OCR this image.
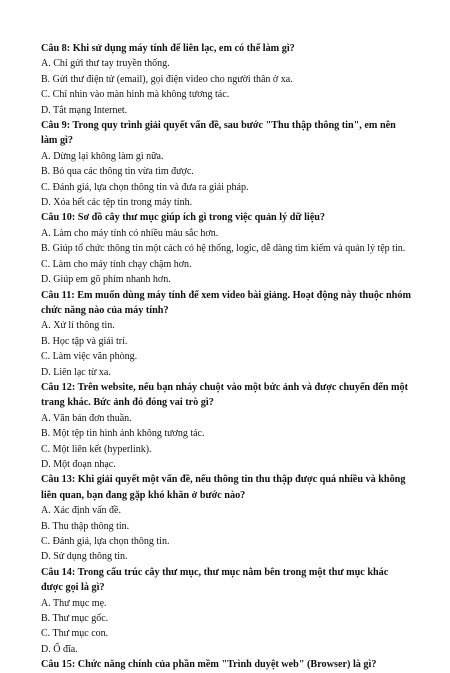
Câu 8: Khi sử dụng máy tính để liên lạc, em có thể làm gì?

A. Chỉ gửi thư tay truyền thống.

B. Gửi thư điện tử (email), gọi điện video cho người thân ở xa.

C. Chỉ nhìn vào màn hình mà không tương tác.

D. Tắt mạng Internet.

Câu 9: Trong quy trình giải quyết vấn đề, sau bước "Thu thập thông tin", em nên làm gì?

A. Dừng lại không làm gì nữa.

B. Bỏ qua các thông tin vừa tìm được.

C. Đánh giá, lựa chọn thông tin và đưa ra giải pháp.

D. Xóa hết các tệp tin trong máy tính.

Câu 10: Sơ đồ cây thư mục giúp ích gì trong việc quản lý dữ liệu?

A. Làm cho máy tính có nhiều màu sắc hơn.

B. Giúp tổ chức thông tin một cách có hệ thống, logic, dễ dàng tìm kiếm và quản lý tệp tin.

C. Làm cho máy tính chạy chậm hơn.

D. Giúp em gõ phím nhanh hơn.

Câu 11: Em muốn dùng máy tính để xem video bài giảng. Hoạt động này thuộc nhóm chức năng nào của máy tính?

A. Xử lí thông tin.

B. Học tập và giải trí.

C. Làm việc văn phòng.

D. Liên lạc từ xa.

Câu 12: Trên website, nếu bạn nháy chuột vào một bức ảnh và được chuyển đến một trang khác. Bức ảnh đó đóng vai trò gì?

A. Văn bản đơn thuần.

B. Một tệp tin hình ảnh không tương tác.

C. Một liên kết (hyperlink).

D. Một đoạn nhạc.

Câu 13: Khi giải quyết một vấn đề, nếu thông tin thu thập được quá nhiều và không liên quan, bạn đang gặp khó khăn ở bước nào?

A. Xác định vấn đề.

B. Thu thập thông tin.

C. Đánh giá, lựa chọn thông tin.

D. Sử dụng thông tin.

Câu 14: Trong cấu trúc cây thư mục, thư mục nằm bên trong một thư mục khác được gọi là gì?

A. Thư mục mẹ.

B. Thư mục gốc.

C. Thư mục con.

D. Ổ đĩa.

Câu 15: Chức năng chính của phần mềm "Trình duyệt web" (Browser) là gì?
